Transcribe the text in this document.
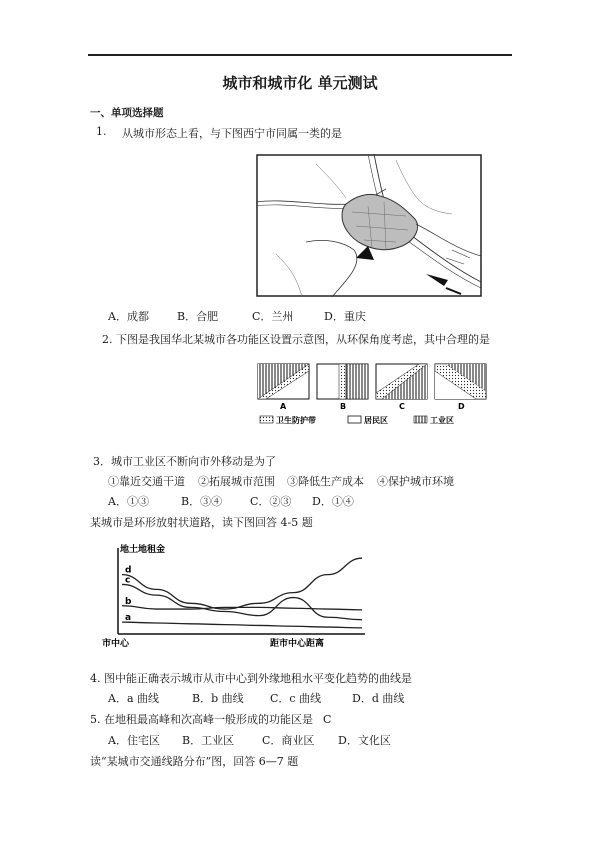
城市和城市化 单元测试
一、单项选择题
1. 从城市形态上看，与下图西宁市同属一类的是
A．成都	B．合肥	C．兰州	D．重庆
2. 下图是我国华北某城市各功能区设置示意图，从环保角度考虑，其中合理的是
A	B	C	D
卫生防护带	居民区	工业区
3．城市工业区不断向市外移动是为了
①靠近交通干道 ②拓展城市范围 ③降低生产成本 ④保护城市环境
A．①③	B．③④	C．②③ D．①④
某城市是环形放射状道路，读下图回答 4-5 题
地土地租金
市中心	距市中心距离
a
b
c
d
4. 图中能正确表示城市从市中心到外缘地租水平变化趋势的曲线是
A．a 曲线	B．b 曲线 C．c 曲线	D．d 曲线
5. 在地租最高峰和次高峰一般形成的功能区是 C
A．住宅区 B．工业区	C．商业区 D．文化区
读“某城市交通线路分布”图，回答 6—7 题
